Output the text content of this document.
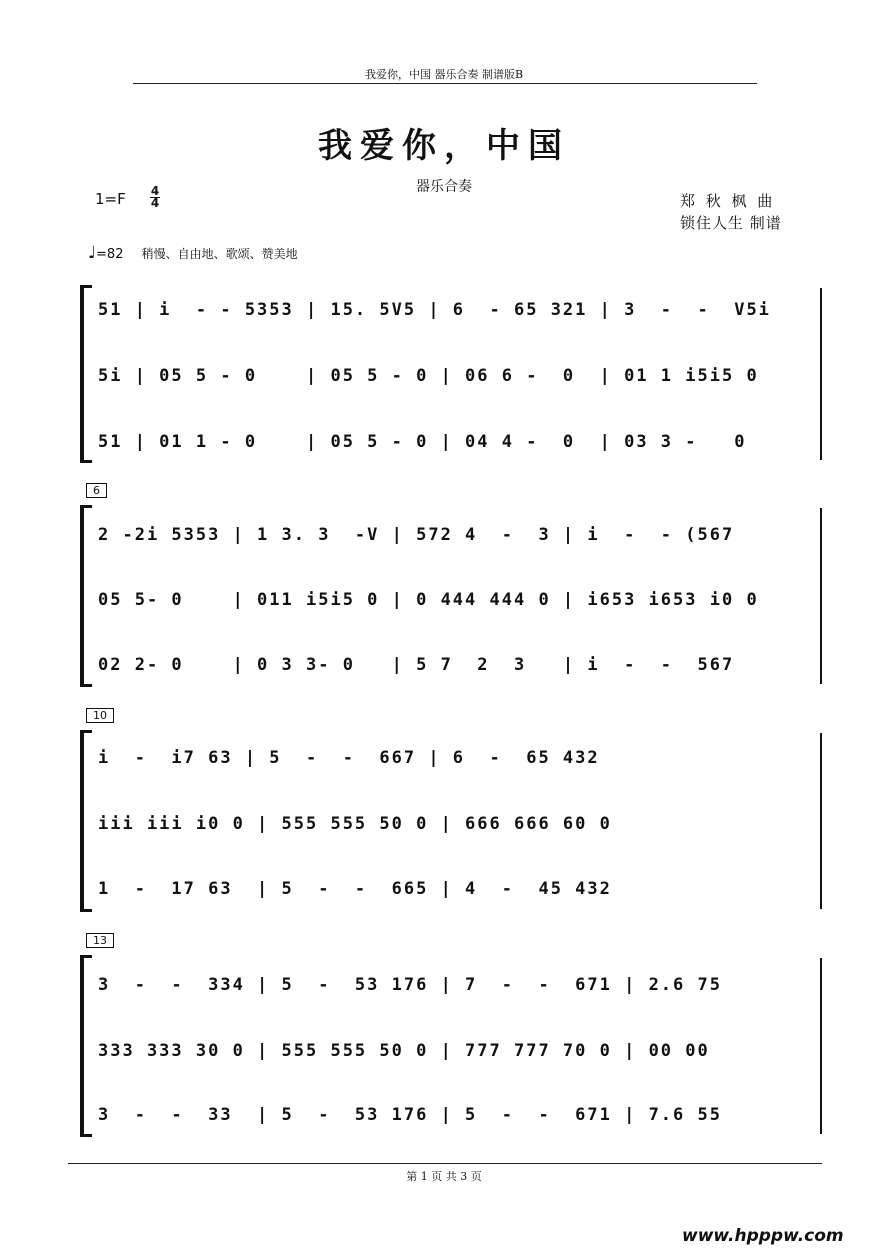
我爱你，中国 器乐合奏 制谱版B
我爱你，中国
器乐合奏
1=F 4
4	郑 秋 枫 曲
锁住人生 制谱
♩=82 稍慢、自由地、歌颂、赞美地
51 | i  - - 5353 | 15. 5V5 | 6  - 65 321 | 3  -  -  V5i
5i | 05 5 - 0    | 05 5 - 0 | 06 6 -  0  | 01 1 i5i5 0
51 | 01 1 - 0    | 05 5 - 0 | 04 4 -  0  | 03 3 -   0
6
2 -2i 5353 | 1 3. 3  -V | 572 4  -  3 | i  -  - (567
05 5- 0    | 011 i5i5 0 | 0 444 444 0 | i653 i653 i0 0
02 2- 0    | 0 3 3- 0   | 5 7  2  3   | i  -  -  567
10
i  -  i7 63 | 5  -  -  667 | 6  -  65 432
iii iii i0 0 | 555 555 50 0 | 666 666 60 0
1  -  17 63  | 5  -  -  665 | 4  -  45 432
13
3  -  -  334 | 5  -  53 176 | 7  -  -  671 | 2.6 75
333 333 30 0 | 555 555 50 0 | 777 777 70 0 | 00 00
3  -  -  33  | 5  -  53 176 | 5  -  -  671 | 7.6 55
第 1 页 共 3 页
www.hpppw.com
